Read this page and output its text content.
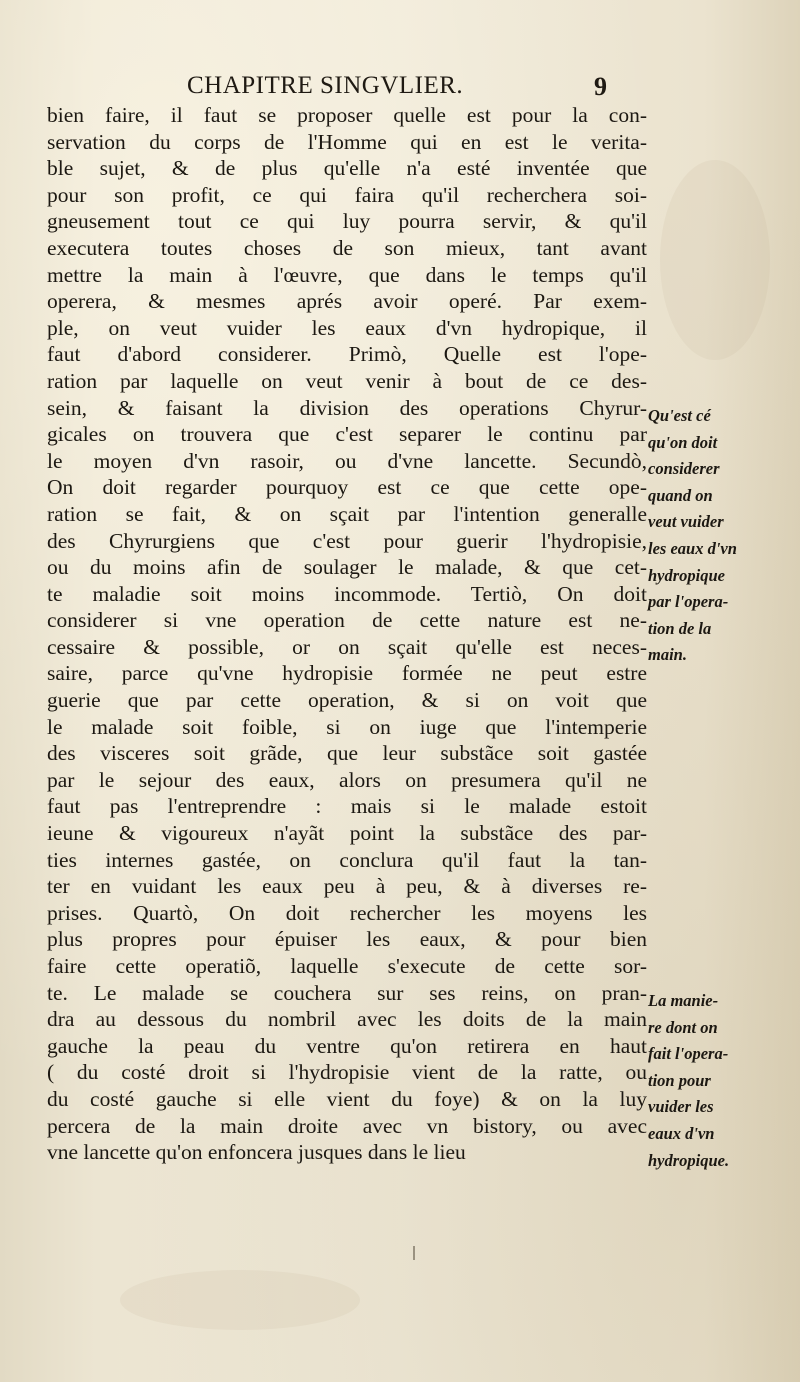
CHAPITRE SINGVLIER.	9
bien faire, il faut se proposer quelle est pour la con-
servation du corps de l'Homme qui en est le verita-
ble sujet, & de plus qu'elle n'a esté inventée que
pour son profit, ce qui faira qu'il recherchera soi-
gneusement tout ce qui luy pourra servir, & qu'il
executera toutes choses de son mieux, tant avant
mettre la main à l'œuvre, que dans le temps qu'il
operera, & mesmes aprés avoir operé. Par exem-
ple, on veut vuider les eaux d'vn hydropique, il
faut d'abord considerer. Primò, Quelle est l'ope-
ration par laquelle on veut venir à bout de ce des-
sein, & faisant la division des operations Chyrur-
gicales on trouvera que c'est separer le continu par
le moyen d'vn rasoir, ou d'vne lancette. Secundò,
On doit regarder pourquoy est ce que cette ope-
ration se fait, & on sçait par l'intention generalle
des Chyrurgiens que c'est pour guerir l'hydropisie,
ou du moins afin de soulager le malade, & que cet-
te maladie soit moins incommode. Tertiò, On doit
considerer si vne operation de cette nature est ne-
cessaire & possible, or on sçait qu'elle est neces-
saire, parce qu'vne hydropisie formée ne peut estre
guerie que par cette operation, & si on voit que
le malade soit foible, si on iuge que l'intemperie
des visceres soit grãde, que leur substãce soit gastée
par le sejour des eaux, alors on presumera qu'il ne
faut pas l'entreprendre : mais si le malade estoit
ieune & vigoureux n'ayãt point la substãce des par-
ties internes gastée, on conclura qu'il faut la tan-
ter en vuidant les eaux peu à peu, & à diverses re-
prises. Quartò, On doit rechercher les moyens les
plus propres pour épuiser les eaux, & pour bien
faire cette operatiõ, laquelle s'execute de cette sor-
te. Le malade se couchera sur ses reins, on pran-
dra au dessous du nombril avec les doits de la main
gauche la peau du ventre qu'on retirera en haut
( du costé droit si l'hydropisie vient de la ratte, ou
du costé gauche si elle vient du foye) & on la luy
percera de la main droite avec vn bistory, ou avec
vne lancette qu'on enfoncera jusques dans le lieu
Qu'est cé
qu'on doit
considerer
quand on
veut vuider
les eaux d'vn
hydropique
par l'opera-
tion de la
main.
La manie-
re dont on
fait l'opera-
tion pour
vuider les
eaux d'vn
hydropique.
